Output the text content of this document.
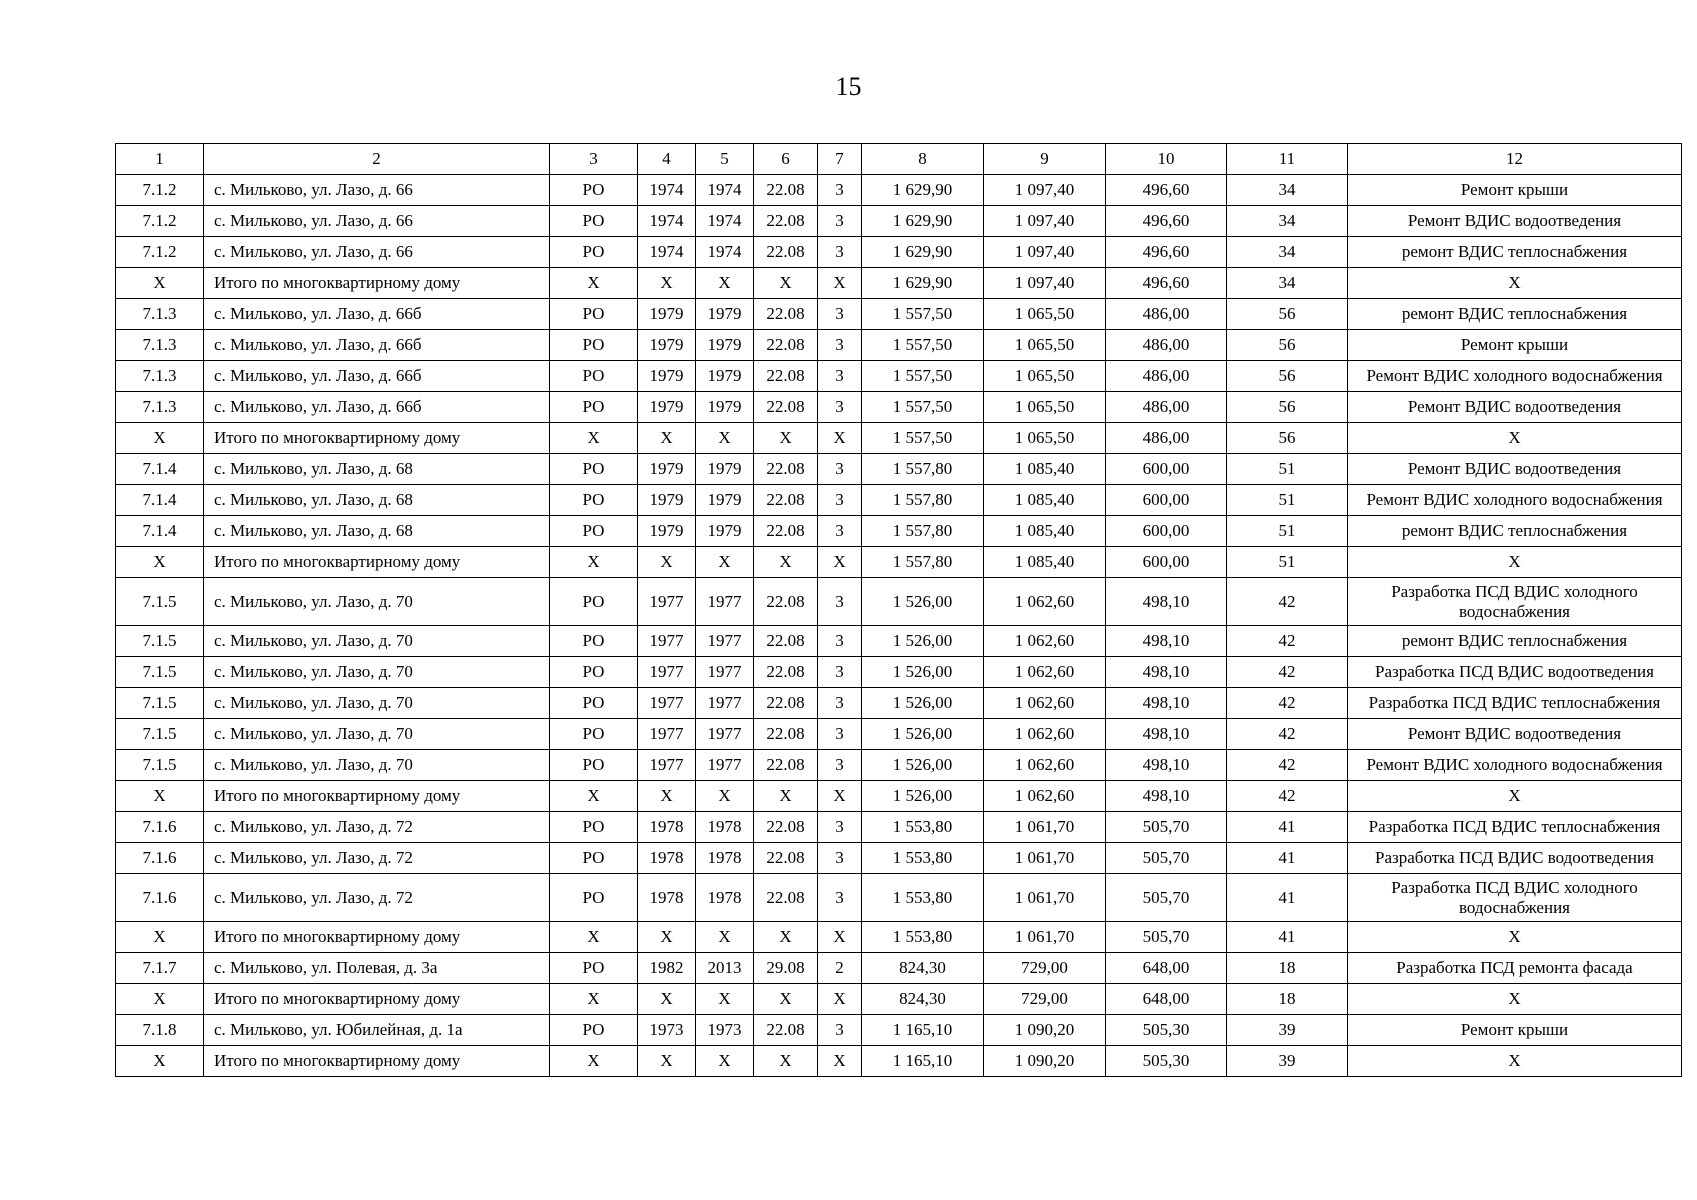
15
1	2	3	4	5	6	7	8	9	10	11	12
7.1.2	с. Мильково, ул. Лазо, д. 66	РО	1974	1974	22.08	3	1 629,90	1 097,40	496,60	34	Ремонт крыши
7.1.2	с. Мильково, ул. Лазо, д. 66	РО	1974	1974	22.08	3	1 629,90	1 097,40	496,60	34	Ремонт ВДИС водоотведения
7.1.2	с. Мильково, ул. Лазо, д. 66	РО	1974	1974	22.08	3	1 629,90	1 097,40	496,60	34	ремонт ВДИС теплоснабжения
Х	Итого по многоквартирному дому	Х	Х	Х	Х	Х	1 629,90	1 097,40	496,60	34	Х
7.1.3	с. Мильково, ул. Лазо, д. 66б	РО	1979	1979	22.08	3	1 557,50	1 065,50	486,00	56	ремонт ВДИС теплоснабжения
7.1.3	с. Мильково, ул. Лазо, д. 66б	РО	1979	1979	22.08	3	1 557,50	1 065,50	486,00	56	Ремонт крыши
7.1.3	с. Мильково, ул. Лазо, д. 66б	РО	1979	1979	22.08	3	1 557,50	1 065,50	486,00	56	Ремонт ВДИС холодного водоснабжения
7.1.3	с. Мильково, ул. Лазо, д. 66б	РО	1979	1979	22.08	3	1 557,50	1 065,50	486,00	56	Ремонт ВДИС водоотведения
Х	Итого по многоквартирному дому	Х	Х	Х	Х	Х	1 557,50	1 065,50	486,00	56	Х
7.1.4	с. Мильково, ул. Лазо, д. 68	РО	1979	1979	22.08	3	1 557,80	1 085,40	600,00	51	Ремонт ВДИС водоотведения
7.1.4	с. Мильково, ул. Лазо, д. 68	РО	1979	1979	22.08	3	1 557,80	1 085,40	600,00	51	Ремонт ВДИС холодного водоснабжения
7.1.4	с. Мильково, ул. Лазо, д. 68	РО	1979	1979	22.08	3	1 557,80	1 085,40	600,00	51	ремонт ВДИС теплоснабжения
Х	Итого по многоквартирному дому	Х	Х	Х	Х	Х	1 557,80	1 085,40	600,00	51	Х
7.1.5	с. Мильково, ул. Лазо, д. 70	РО	1977	1977	22.08	3	1 526,00	1 062,60	498,10	42	Разработка ПСД ВДИС холодного водоснабжения
7.1.5	с. Мильково, ул. Лазо, д. 70	РО	1977	1977	22.08	3	1 526,00	1 062,60	498,10	42	ремонт ВДИС теплоснабжения
7.1.5	с. Мильково, ул. Лазо, д. 70	РО	1977	1977	22.08	3	1 526,00	1 062,60	498,10	42	Разработка ПСД ВДИС водоотведения
7.1.5	с. Мильково, ул. Лазо, д. 70	РО	1977	1977	22.08	3	1 526,00	1 062,60	498,10	42	Разработка ПСД ВДИС теплоснабжения
7.1.5	с. Мильково, ул. Лазо, д. 70	РО	1977	1977	22.08	3	1 526,00	1 062,60	498,10	42	Ремонт ВДИС водоотведения
7.1.5	с. Мильково, ул. Лазо, д. 70	РО	1977	1977	22.08	3	1 526,00	1 062,60	498,10	42	Ремонт ВДИС холодного водоснабжения
Х	Итого по многоквартирному дому	Х	Х	Х	Х	Х	1 526,00	1 062,60	498,10	42	Х
7.1.6	с. Мильково, ул. Лазо, д. 72	РО	1978	1978	22.08	3	1 553,80	1 061,70	505,70	41	Разработка ПСД ВДИС теплоснабжения
7.1.6	с. Мильково, ул. Лазо, д. 72	РО	1978	1978	22.08	3	1 553,80	1 061,70	505,70	41	Разработка ПСД ВДИС водоотведения
7.1.6	с. Мильково, ул. Лазо, д. 72	РО	1978	1978	22.08	3	1 553,80	1 061,70	505,70	41	Разработка ПСД ВДИС холодного водоснабжения
Х	Итого по многоквартирному дому	Х	Х	Х	Х	Х	1 553,80	1 061,70	505,70	41	Х
7.1.7	с. Мильково, ул. Полевая, д. 3а	РО	1982	2013	29.08	2	824,30	729,00	648,00	18	Разработка ПСД ремонта фасада
Х	Итого по многоквартирному дому	Х	Х	Х	Х	Х	824,30	729,00	648,00	18	Х
7.1.8	с. Мильково, ул. Юбилейная, д. 1а	РО	1973	1973	22.08	3	1 165,10	1 090,20	505,30	39	Ремонт крыши
Х	Итого по многоквартирному дому	Х	Х	Х	Х	Х	1 165,10	1 090,20	505,30	39	Х
